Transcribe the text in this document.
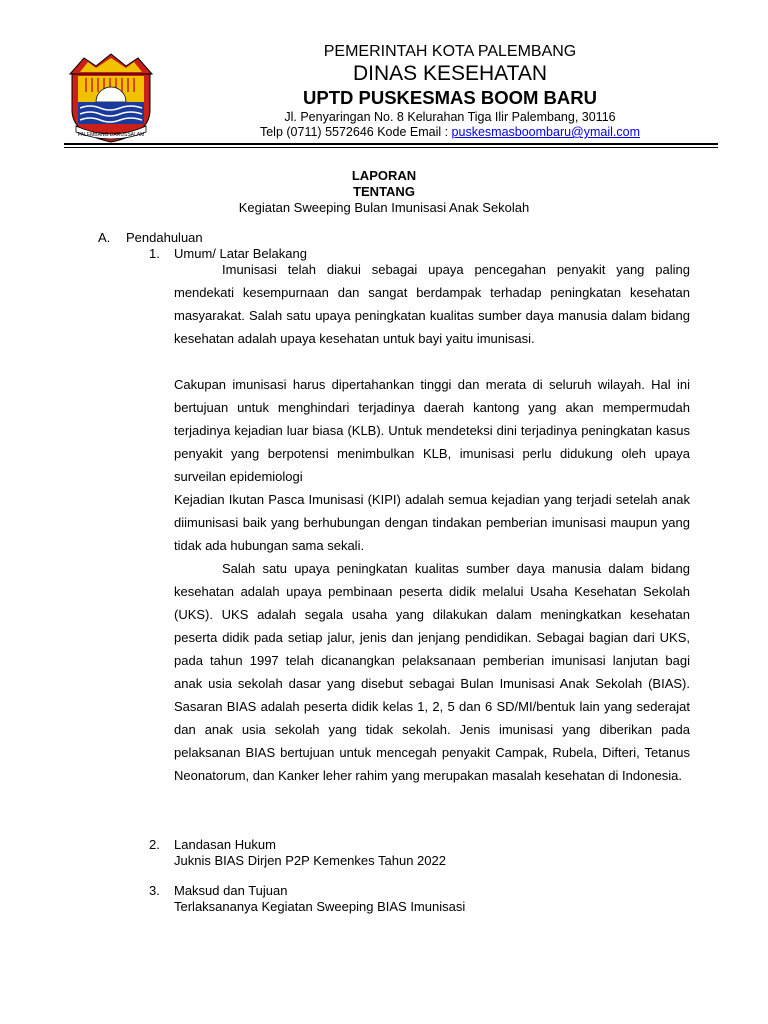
PALEMBANG DARUSSALAM
PEMERINTAH KOTA PALEMBANG
DINAS KESEHATAN
UPTD PUSKESMAS BOOM BARU
Jl. Penyaringan No. 8 Kelurahan Tiga Ilir Palembang, 30116
Telp (0711) 5572646 Kode Email : puskesmasboombaru@ymail.com
LAPORAN
TENTANG
Kegiatan Sweeping Bulan Imunisasi Anak Sekolah
A. Pendahuluan
1. Umum/ Latar Belakang

Imunisasi telah diakui sebagai upaya pencegahan penyakit yang paling mendekati kesempurnaan dan sangat berdampak terhadap peningkatan kesehatan masyarakat. Salah satu upaya peningkatan kualitas sumber daya manusia dalam bidang kesehatan adalah upaya kesehatan untuk bayi yaitu imunisasi.

Cakupan imunisasi harus dipertahankan tinggi dan merata di seluruh wilayah. Hal ini bertujuan untuk menghindari terjadinya daerah kantong yang akan mempermudah terjadinya kejadian luar biasa (KLB). Untuk mendeteksi dini terjadinya peningkatan kasus penyakit yang berpotensi menimbulkan KLB, imunisasi perlu didukung oleh upaya surveilan epidemiologi

Kejadian Ikutan Pasca Imunisasi (KIPI) adalah semua kejadian yang terjadi setelah anak diimunisasi baik yang berhubungan dengan tindakan pemberian imunisasi maupun yang tidak ada hubungan sama sekali.

Salah satu upaya peningkatan kualitas sumber daya manusia dalam bidang kesehatan adalah upaya pembinaan peserta didik melalui Usaha Kesehatan Sekolah (UKS). UKS adalah segala usaha yang dilakukan dalam meningkatkan kesehatan peserta didik pada setiap jalur, jenis dan jenjang pendidikan. Sebagai bagian dari UKS, pada tahun 1997 telah dicanangkan pelaksanaan pemberian imunisasi lanjutan bagi anak usia sekolah dasar yang disebut sebagai Bulan Imunisasi Anak Sekolah (BIAS). Sasaran BIAS adalah peserta didik kelas 1, 2, 5 dan 6 SD/MI/bentuk lain yang sederajat dan anak usia sekolah yang tidak sekolah. Jenis imunisasi yang diberikan pada pelaksanan BIAS bertujuan untuk mencegah penyakit Campak, Rubela, Difteri, Tetanus Neonatorum, dan Kanker leher rahim yang merupakan masalah kesehatan di Indonesia.

2. Landasan Hukum
Juknis BIAS Dirjen P2P Kemenkes Tahun 2022
3. Maksud dan Tujuan
Terlaksananya Kegiatan Sweeping BIAS Imunisasi
